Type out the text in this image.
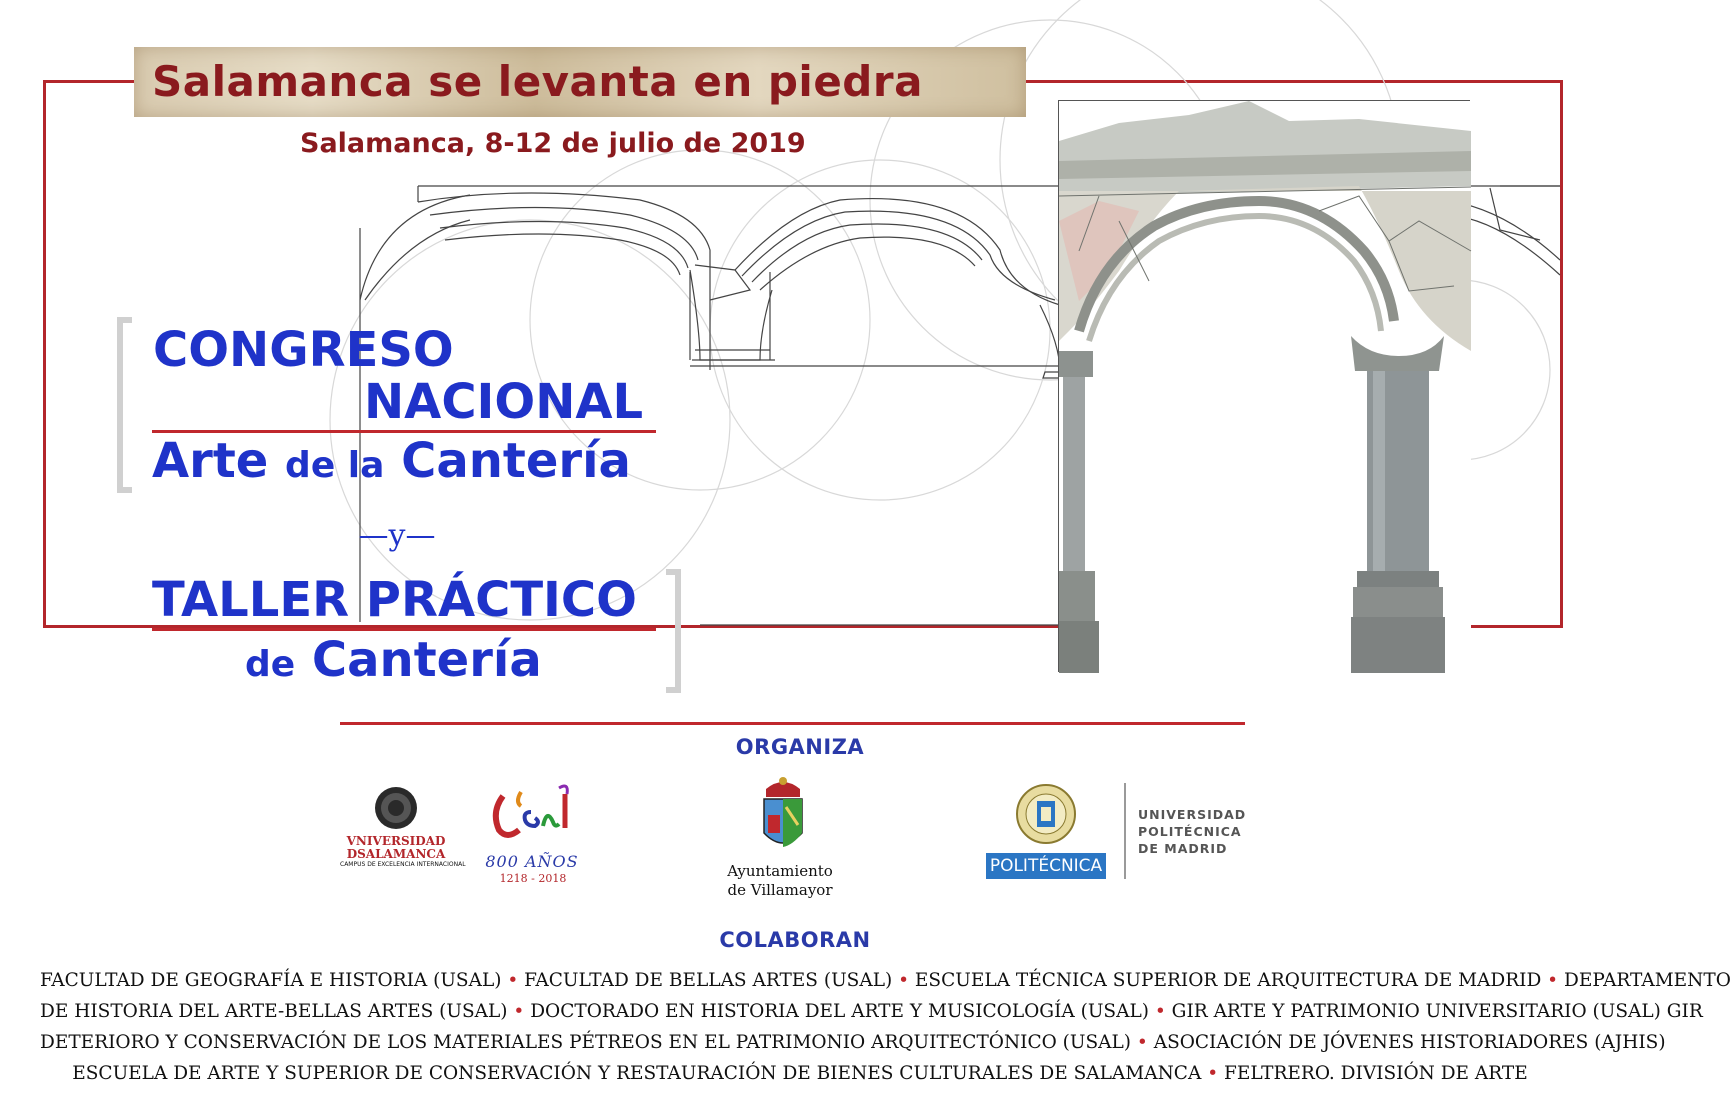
Salamanca se levanta en piedra
Salamanca, 8-12 de julio de 2019
CONGRESO
NACIONAL
Arte de la Cantería
—y—
TALLER PRÁCTICO
de Cantería
ORGANIZA
VNIVERSIDAD
DSALAMANCA
CAMPUS DE EXCELENCIA INTERNACIONAL 800 AÑOS
1218 - 2018	Ayuntamiento
de Villamayor
POLITÉCNICA
UNIVERSIDAD
POLITÉCNICA
DE MADRID
COLABORAN
FACULTAD DE GEOGRAFÍA E HISTORIA (USAL) • FACULTAD DE BELLAS ARTES (USAL) • ESCUELA TÉCNICA SUPERIOR DE ARQUITECTURA DE MADRID • DEPARTAMENTO
DE HISTORIA DEL ARTE-BELLAS ARTES (USAL) • DOCTORADO EN HISTORIA DEL ARTE Y MUSICOLOGÍA (USAL) • GIR ARTE Y PATRIMONIO UNIVERSITARIO (USAL) GIR
DETERIORO Y CONSERVACIÓN DE LOS MATERIALES PÉTREOS EN EL PATRIMONIO ARQUITECTÓNICO (USAL) • ASOCIACIÓN DE JÓVENES HISTORIADORES (AJHIS)
ESCUELA DE ARTE Y SUPERIOR DE CONSERVACIÓN Y RESTAURACIÓN DE BIENES CULTURALES DE SALAMANCA • FELTRERO. DIVISIÓN DE ARTE
